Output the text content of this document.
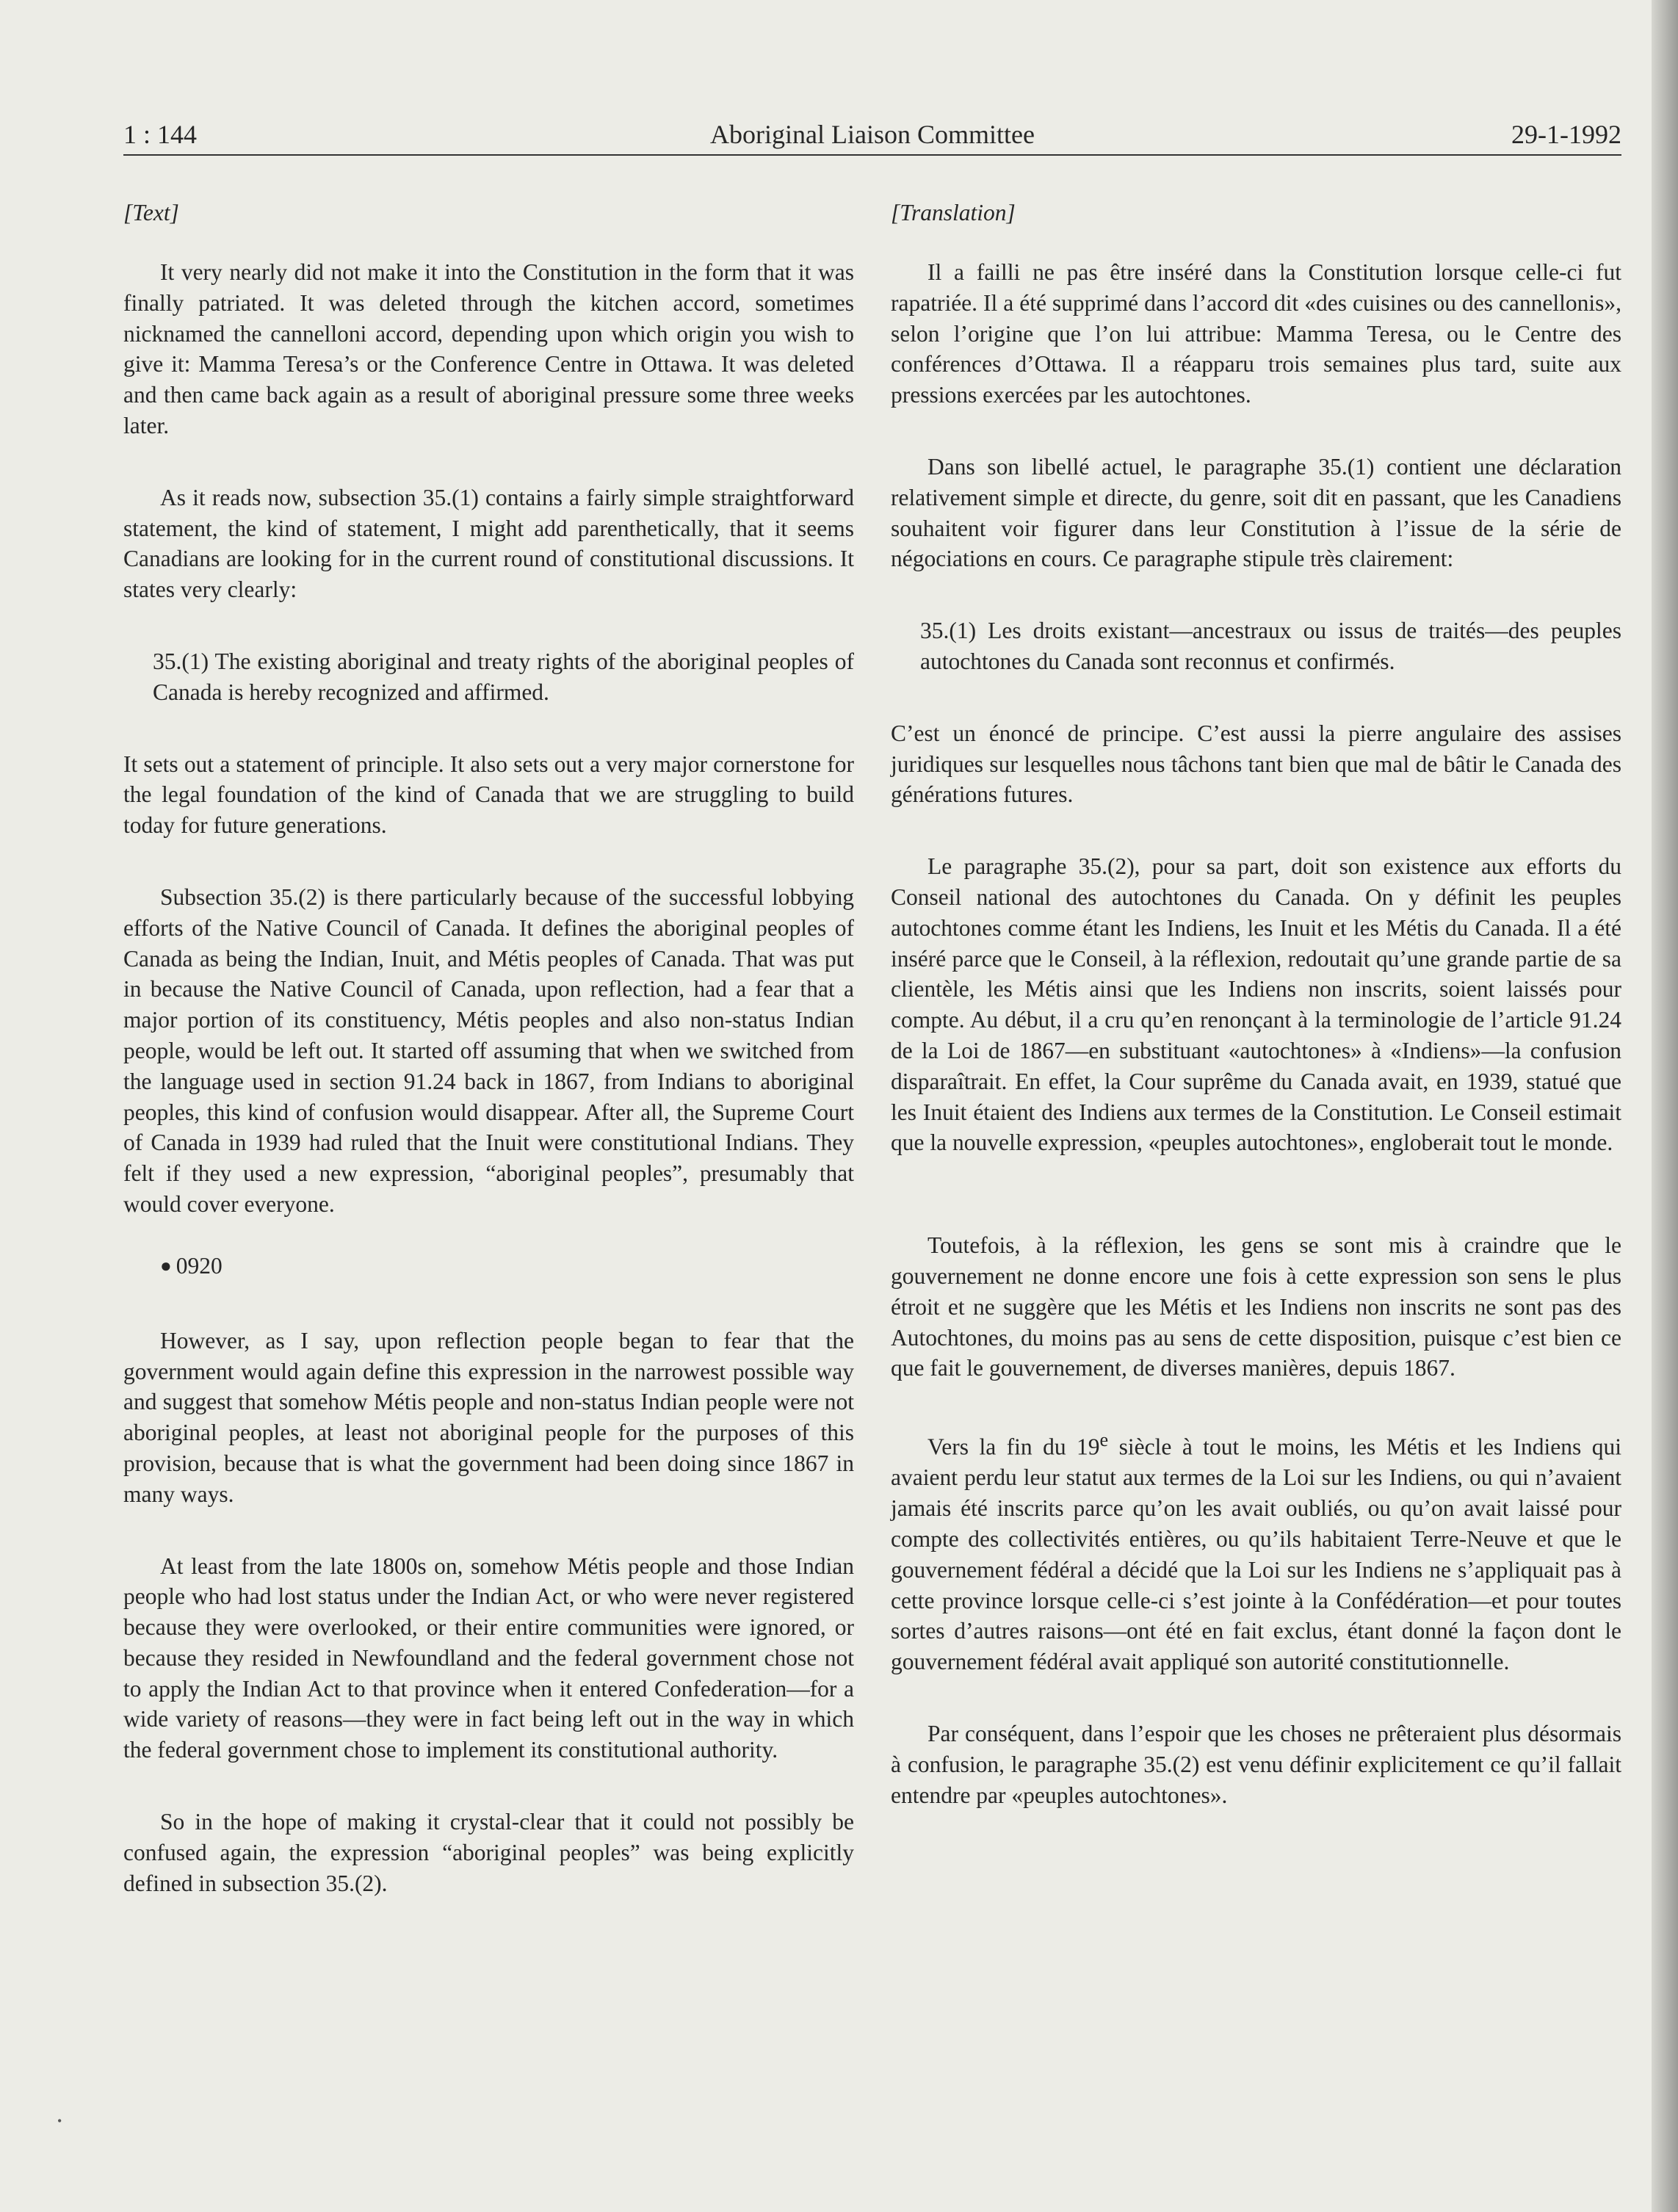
1 : 144	Aboriginal Liaison Committee	29-1-1992

[Text]

It very nearly did not make it into the Constitution in the form that it was finally patriated. It was deleted through the kitchen accord, sometimes nicknamed the cannelloni accord, depending upon which origin you wish to give it: Mamma Teresa’s or the Conference Centre in Ottawa. It was deleted and then came back again as a result of aboriginal pressure some three weeks later.

As it reads now, subsection 35.(1) contains a fairly simple straightforward statement, the kind of statement, I might add parenthetically, that it seems Canadians are looking for in the current round of constitutional discussions. It states very clearly:

35.(1) The existing aboriginal and treaty rights of the aboriginal peoples of Canada is hereby recognized and affirmed.

It sets out a statement of principle. It also sets out a very major cornerstone for the legal foundation of the kind of Canada that we are struggling to build today for future generations.

Subsection 35.(2) is there particularly because of the successful lobbying efforts of the Native Council of Canada. It defines the aboriginal peoples of Canada as being the Indian, Inuit, and Métis peoples of Canada. That was put in because the Native Council of Canada, upon reflection, had a fear that a major portion of its constituency, Métis peoples and also non-status Indian people, would be left out. It started off assuming that when we switched from the language used in section 91.24 back in 1867, from Indians to aboriginal peoples, this kind of confusion would disappear. After all, the Supreme Court of Canada in 1939 had ruled that the Inuit were constitutional Indians. They felt if they used a new expression, “aboriginal peoples”, presumably that would cover everyone.

● 0920

However, as I say, upon reflection people began to fear that the government would again define this expression in the narrowest possible way and suggest that somehow Métis people and non-status Indian people were not aboriginal peoples, at least not aboriginal people for the purposes of this provision, because that is what the government had been doing since 1867 in many ways.

At least from the late 1800s on, somehow Métis people and those Indian people who had lost status under the Indian Act, or who were never registered because they were overlooked, or their entire communities were ignored, or because they resided in Newfoundland and the federal government chose not to apply the Indian Act to that province when it entered Confederation—for a wide variety of reasons—they were in fact being left out in the way in which the federal government chose to implement its constitutional authority.

So in the hope of making it crystal-clear that it could not possibly be confused again, the expression “aboriginal peoples” was being explicitly defined in subsection 35.(2).

[Translation]

Il a failli ne pas être inséré dans la Constitution lorsque celle-ci fut rapatriée. Il a été supprimé dans l’accord dit «des cuisines ou des cannellonis», selon l’origine que l’on lui attribue: Mamma Teresa, ou le Centre des conférences d’Ottawa. Il a réapparu trois semaines plus tard, suite aux pressions exercées par les autochtones.

Dans son libellé actuel, le paragraphe 35.(1) contient une déclaration relativement simple et directe, du genre, soit dit en passant, que les Canadiens souhaitent voir figurer dans leur Constitution à l’issue de la série de négociations en cours. Ce paragraphe stipule très clairement:

35.(1) Les droits existant—ancestraux ou issus de traités—des peuples autochtones du Canada sont reconnus et confirmés.

C’est un énoncé de principe. C’est aussi la pierre angulaire des assises juridiques sur lesquelles nous tâchons tant bien que mal de bâtir le Canada des générations futures.

Le paragraphe 35.(2), pour sa part, doit son existence aux efforts du Conseil national des autochtones du Canada. On y définit les peuples autochtones comme étant les Indiens, les Inuit et les Métis du Canada. Il a été inséré parce que le Conseil, à la réflexion, redoutait qu’une grande partie de sa clientèle, les Métis ainsi que les Indiens non inscrits, soient laissés pour compte. Au début, il a cru qu’en renonçant à la terminologie de l’article 91.24 de la Loi de 1867—en substituant «autochtones» à «Indiens»—la confusion disparaîtrait. En effet, la Cour suprême du Canada avait, en 1939, statué que les Inuit étaient des Indiens aux termes de la Constitution. Le Conseil estimait que la nouvelle expression, «peuples autochtones», engloberait tout le monde.

Toutefois, à la réflexion, les gens se sont mis à craindre que le gouvernement ne donne encore une fois à cette expression son sens le plus étroit et ne suggère que les Métis et les Indiens non inscrits ne sont pas des Autochtones, du moins pas au sens de cette disposition, puisque c’est bien ce que fait le gouvernement, de diverses manières, depuis 1867.

Vers la fin du 19e siècle à tout le moins, les Métis et les Indiens qui avaient perdu leur statut aux termes de la Loi sur les Indiens, ou qui n’avaient jamais été inscrits parce qu’on les avait oubliés, ou qu’on avait laissé pour compte des collectivités entières, ou qu’ils habitaient Terre-Neuve et que le gouvernement fédéral a décidé que la Loi sur les Indiens ne s’appliquait pas à cette province lorsque celle-ci s’est jointe à la Confédération—et pour toutes sortes d’autres raisons—ont été en fait exclus, étant donné la façon dont le gouvernement fédéral avait appliqué son autorité constitutionnelle.

Par conséquent, dans l’espoir que les choses ne prêteraient plus désormais à confusion, le paragraphe 35.(2) est venu définir explicitement ce qu’il fallait entendre par «peuples autochtones».

•
